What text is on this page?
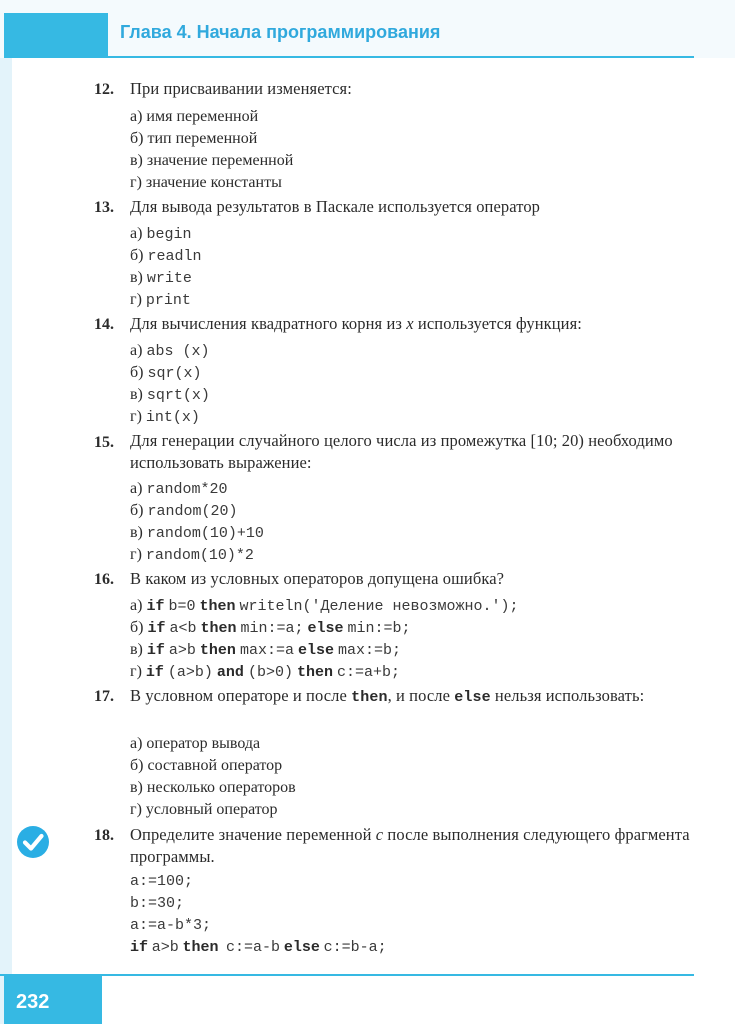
Глава 4. Начала программирования
12. При присваивании изменяется:
а) имя переменной
б) тип переменной
в) значение переменной
г) значение константы
13. Для вывода результатов в Паскале используется оператор
а) begin
б) readln
в) write
г) print
14. Для вычисления квадратного корня из x используется функция:
а) abs (x)
б) sqr(x)
в) sqrt(x)
г) int(x)
15. Для генерации случайного целого числа из промежутка [10; 20) необходимо использовать выражение:
а) random*20
б) random(20)
в) random(10)+10
г) random(10)*2
16. В каком из условных операторов допущена ошибка?
а) if b=0 then writeln('Деление невозможно.');
б) if a<b then min:=a; else min:=b;
в) if a>b then max:=a else max:=b;
г) if (a>b) and (b>0) then c:=a+b;
17. В условном операторе и после then, и после else нельзя использовать:
а) оператор вывода
б) составной оператор
в) несколько операторов
г) условный оператор
18. Определите значение переменной c после выполнения следующего фрагмента программы.
a:=100;
b:=30;
a:=a-b*3;
if a>b then c:=a-b else c:=b-a;
232
